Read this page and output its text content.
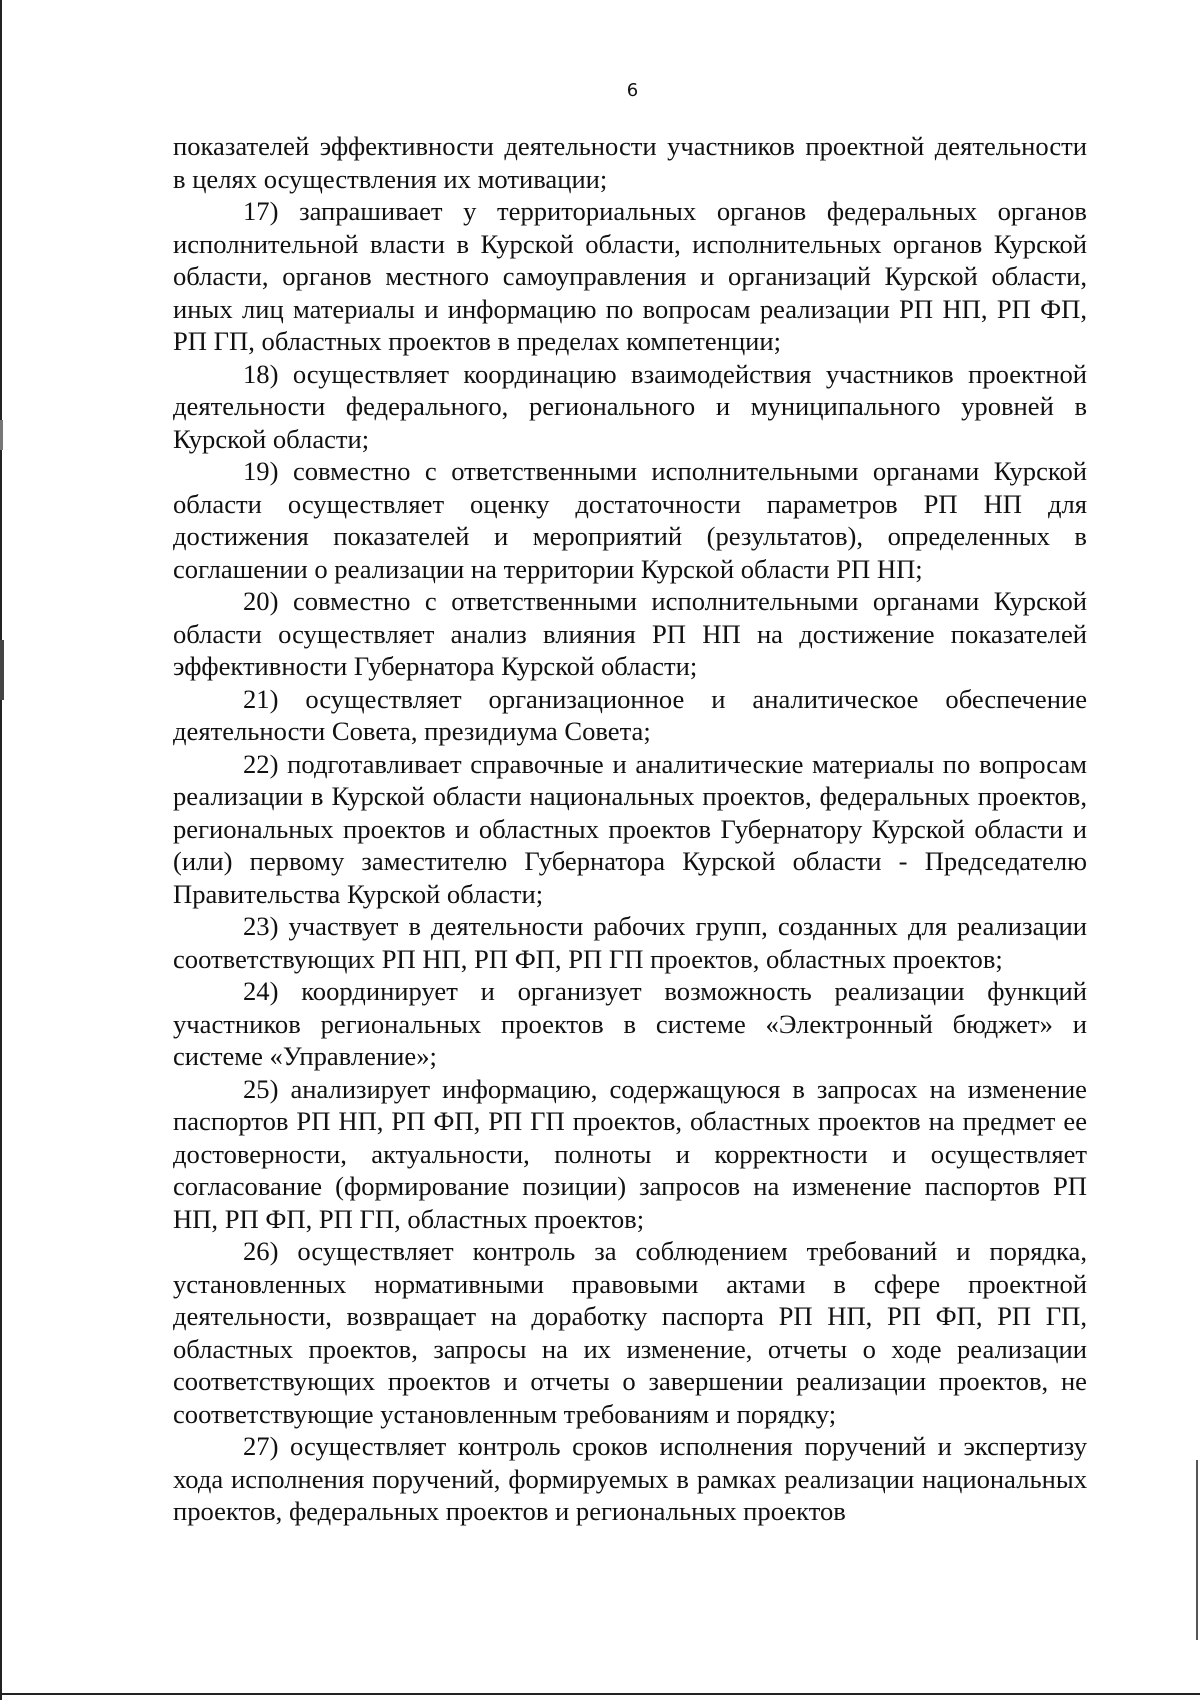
6

показателей эффективности деятельности участников проектной деятельности в целях осуществления их мотивации;

17) запрашивает у территориальных органов федеральных органов исполнительной власти в Курской области, исполнительных органов Курской области, органов местного самоуправления и организаций Курской области, иных лиц материалы и информацию по вопросам реализации РП НП, РП ФП, РП ГП, областных проектов в пределах компетенции;

18) осуществляет координацию взаимодействия участников проектной деятельности федерального, регионального и муниципального уровней в Курской области;

19) совместно с ответственными исполнительными органами Курской области осуществляет оценку достаточности параметров РП НП для достижения показателей и мероприятий (результатов), определенных в соглашении о реализации на территории Курской области РП НП;

20) совместно с ответственными исполнительными органами Курской области осуществляет анализ влияния РП НП на достижение показателей эффективности Губернатора Курской области;

21) осуществляет организационное и аналитическое обеспечение деятельности Совета, президиума Совета;

22) подготавливает справочные и аналитические материалы по вопросам реализации в Курской области национальных проектов, федеральных проектов, региональных проектов и областных проектов Губернатору Курской области и (или) первому заместителю Губернатора Курской области - Председателю Правительства Курской области;

23) участвует в деятельности рабочих групп, созданных для реализации соответствующих РП НП, РП ФП, РП ГП проектов, областных проектов;

24) координирует и организует возможность реализации функций участников региональных проектов в системе «Электронный бюджет» и системе «Управление»;

25) анализирует информацию, содержащуюся в запросах на изменение паспортов РП НП, РП ФП, РП ГП проектов, областных проектов на предмет ее достоверности, актуальности, полноты и корректности и осуществляет согласование (формирование позиции) запросов на изменение паспортов РП НП, РП ФП, РП ГП, областных проектов;

26) осуществляет контроль за соблюдением требований и порядка, установленных нормативными правовыми актами в сфере проектной деятельности, возвращает на доработку паспорта РП НП, РП ФП, РП ГП, областных проектов, запросы на их изменение, отчеты о ходе реализации соответствующих проектов и отчеты о завершении реализации проектов, не соответствующие установленным требованиям и порядку;

27) осуществляет контроль сроков исполнения поручений и экспертизу хода исполнения поручений, формируемых в рамках реализации национальных проектов, федеральных проектов и региональных проектов
